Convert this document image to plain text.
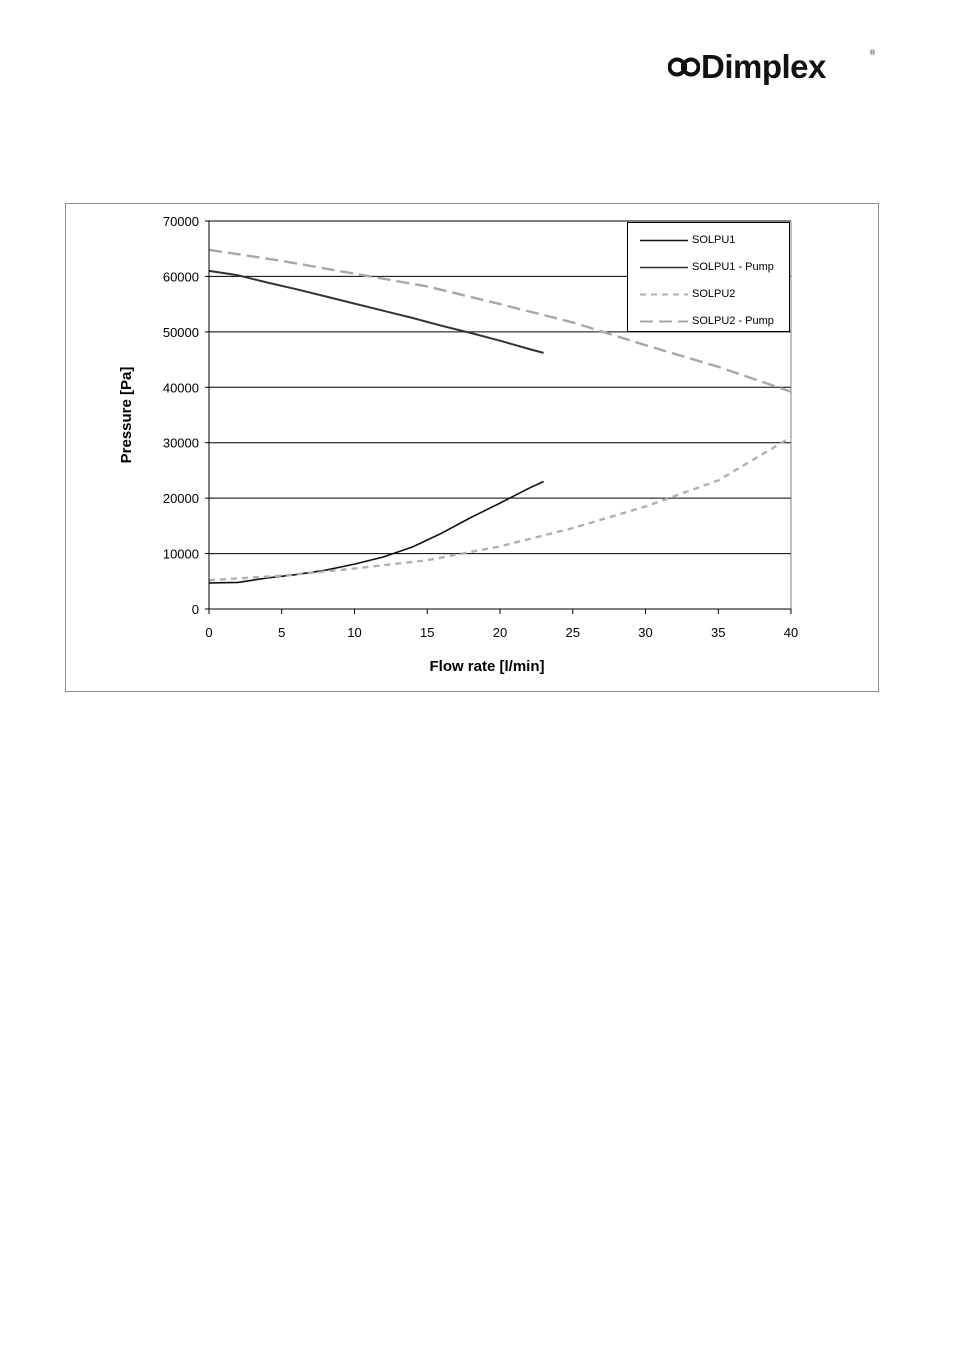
Dimplex	®
0
10000
20000
30000
40000
50000
60000
70000
0	5	10	15	20	25	30	35	40
Flow rate [l/min]
Pressure [Pa]
SOLPU1
SOLPU1 - Pump
SOLPU2
SOLPU2 - Pump
